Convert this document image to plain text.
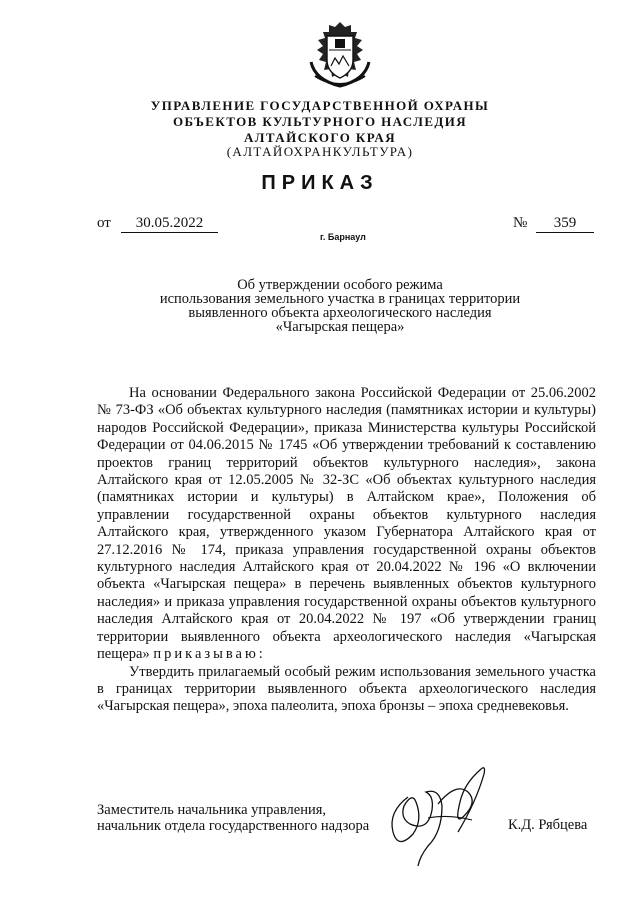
УПРАВЛЕНИЕ ГОСУДАРСТВЕННОЙ ОХРАНЫ
ОБЪЕКТОВ КУЛЬТУРНОГО НАСЛЕДИЯ
АЛТАЙСКОГО КРАЯ
(АЛТАЙОХРАНКУЛЬТУРА)
ПРИКАЗ
от	30.05.2022	№	359
г. Барнаул
Об утверждении особого режима
использования земельного участка в границах территории
выявленного объекта археологического наследия
«Чагырская пещера»

На основании Федерального закона Российской Федерации от 25.06.2002 № 73-ФЗ «Об объектах культурного наследия (памятниках истории и культуры) народов Российской Федерации», приказа Министерства культуры Российской Федерации от 04.06.2015 № 1745 «Об утверждении требований к составлению проектов границ территорий объектов культурного наследия», закона Алтайского края от 12.05.2005 № 32-ЗС «Об объектах культурного наследия (памятниках истории и культуры) в Алтайском крае», Положения об управлении государственной охраны объектов культурного наследия Алтайского края, утвержденного указом Губернатора Алтайского края от 27.12.2016 № 174, приказа управления государственной охраны объектов культурного наследия Алтайского края от 20.04.2022 № 196 «О включении объекта «Чагырская пещера» в перечень выявленных объектов культурного наследия» и приказа управления государственной охраны объектов культурного наследия Алтайского края от 20.04.2022 № 197 «Об утверждении границ территории выявленного объекта археологического наследия «Чагырская пещера» приказываю:

Утвердить прилагаемый особый режим использования земельного участка в границах территории выявленного объекта археологического наследия «Чагырская пещера», эпоха палеолита, эпоха бронзы – эпоха средневековья.

Заместитель начальника управления,
начальник отдела государственного надзора	К.Д. Рябцева
